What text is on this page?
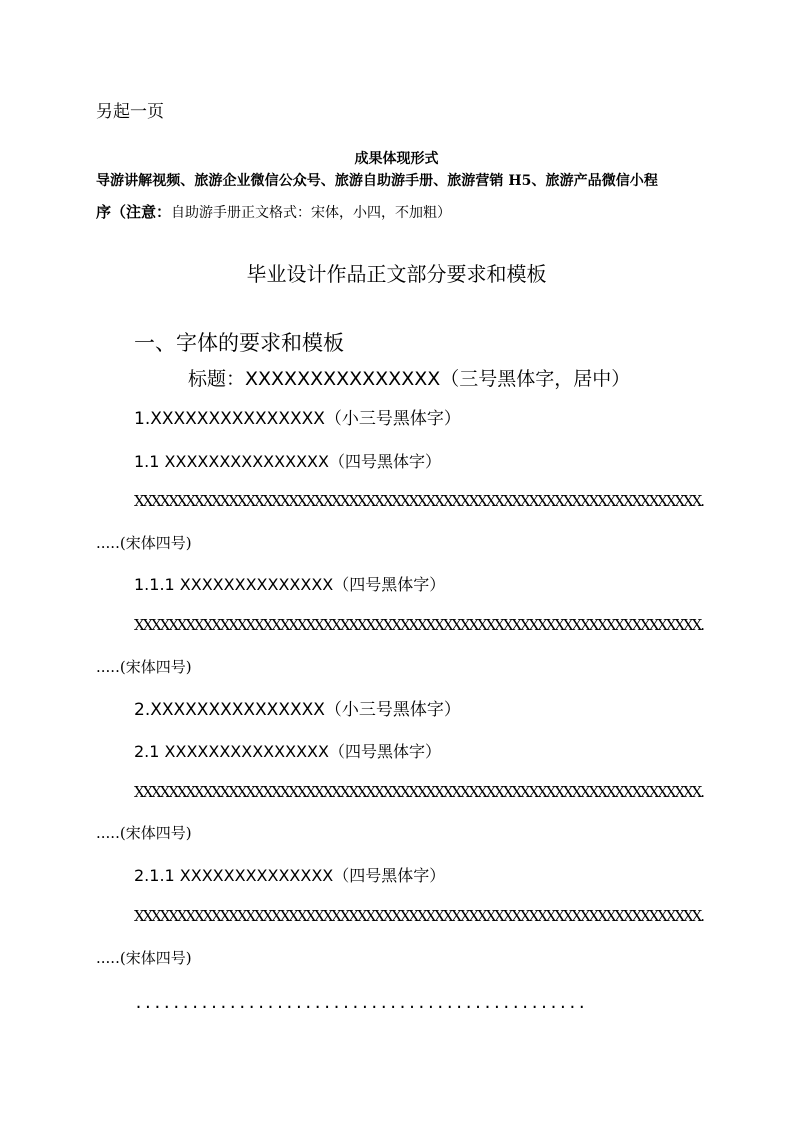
另起一页
成果体现形式
导游讲解视频、旅游企业微信公众号、旅游自助游手册、旅游营销 H5、旅游产品微信小程
序（注意：自助游手册正文格式：宋体，小四，不加粗）
毕业设计作品正文部分要求和模板
一、字体的要求和模板
标题：XXXXXXXXXXXXXXX（三号黑体字，居中）
1.XXXXXXXXXXXXXXX（小三号黑体字）
1.1 XXXXXXXXXXXXXXX（四号黑体字）
XXXXXXXXXXXXXXXXXXXXXXXXXXXXXXXXXXXXXXXXXXXXXXXXXXXXXXXXXXXXXXXXXX.
.....(宋体四号)
1.1.1 XXXXXXXXXXXXXX（四号黑体字）
XXXXXXXXXXXXXXXXXXXXXXXXXXXXXXXXXXXXXXXXXXXXXXXXXXXXXXXXXXXXXXXXXX.
.....(宋体四号)
2.XXXXXXXXXXXXXXX（小三号黑体字）
2.1 XXXXXXXXXXXXXXX（四号黑体字）
XXXXXXXXXXXXXXXXXXXXXXXXXXXXXXXXXXXXXXXXXXXXXXXXXXXXXXXXXXXXXXXXXX.
.....(宋体四号)
2.1.1 XXXXXXXXXXXXXX（四号黑体字）
XXXXXXXXXXXXXXXXXXXXXXXXXXXXXXXXXXXXXXXXXXXXXXXXXXXXXXXXXXXXXXXXXX.
.....(宋体四号)
................................................
